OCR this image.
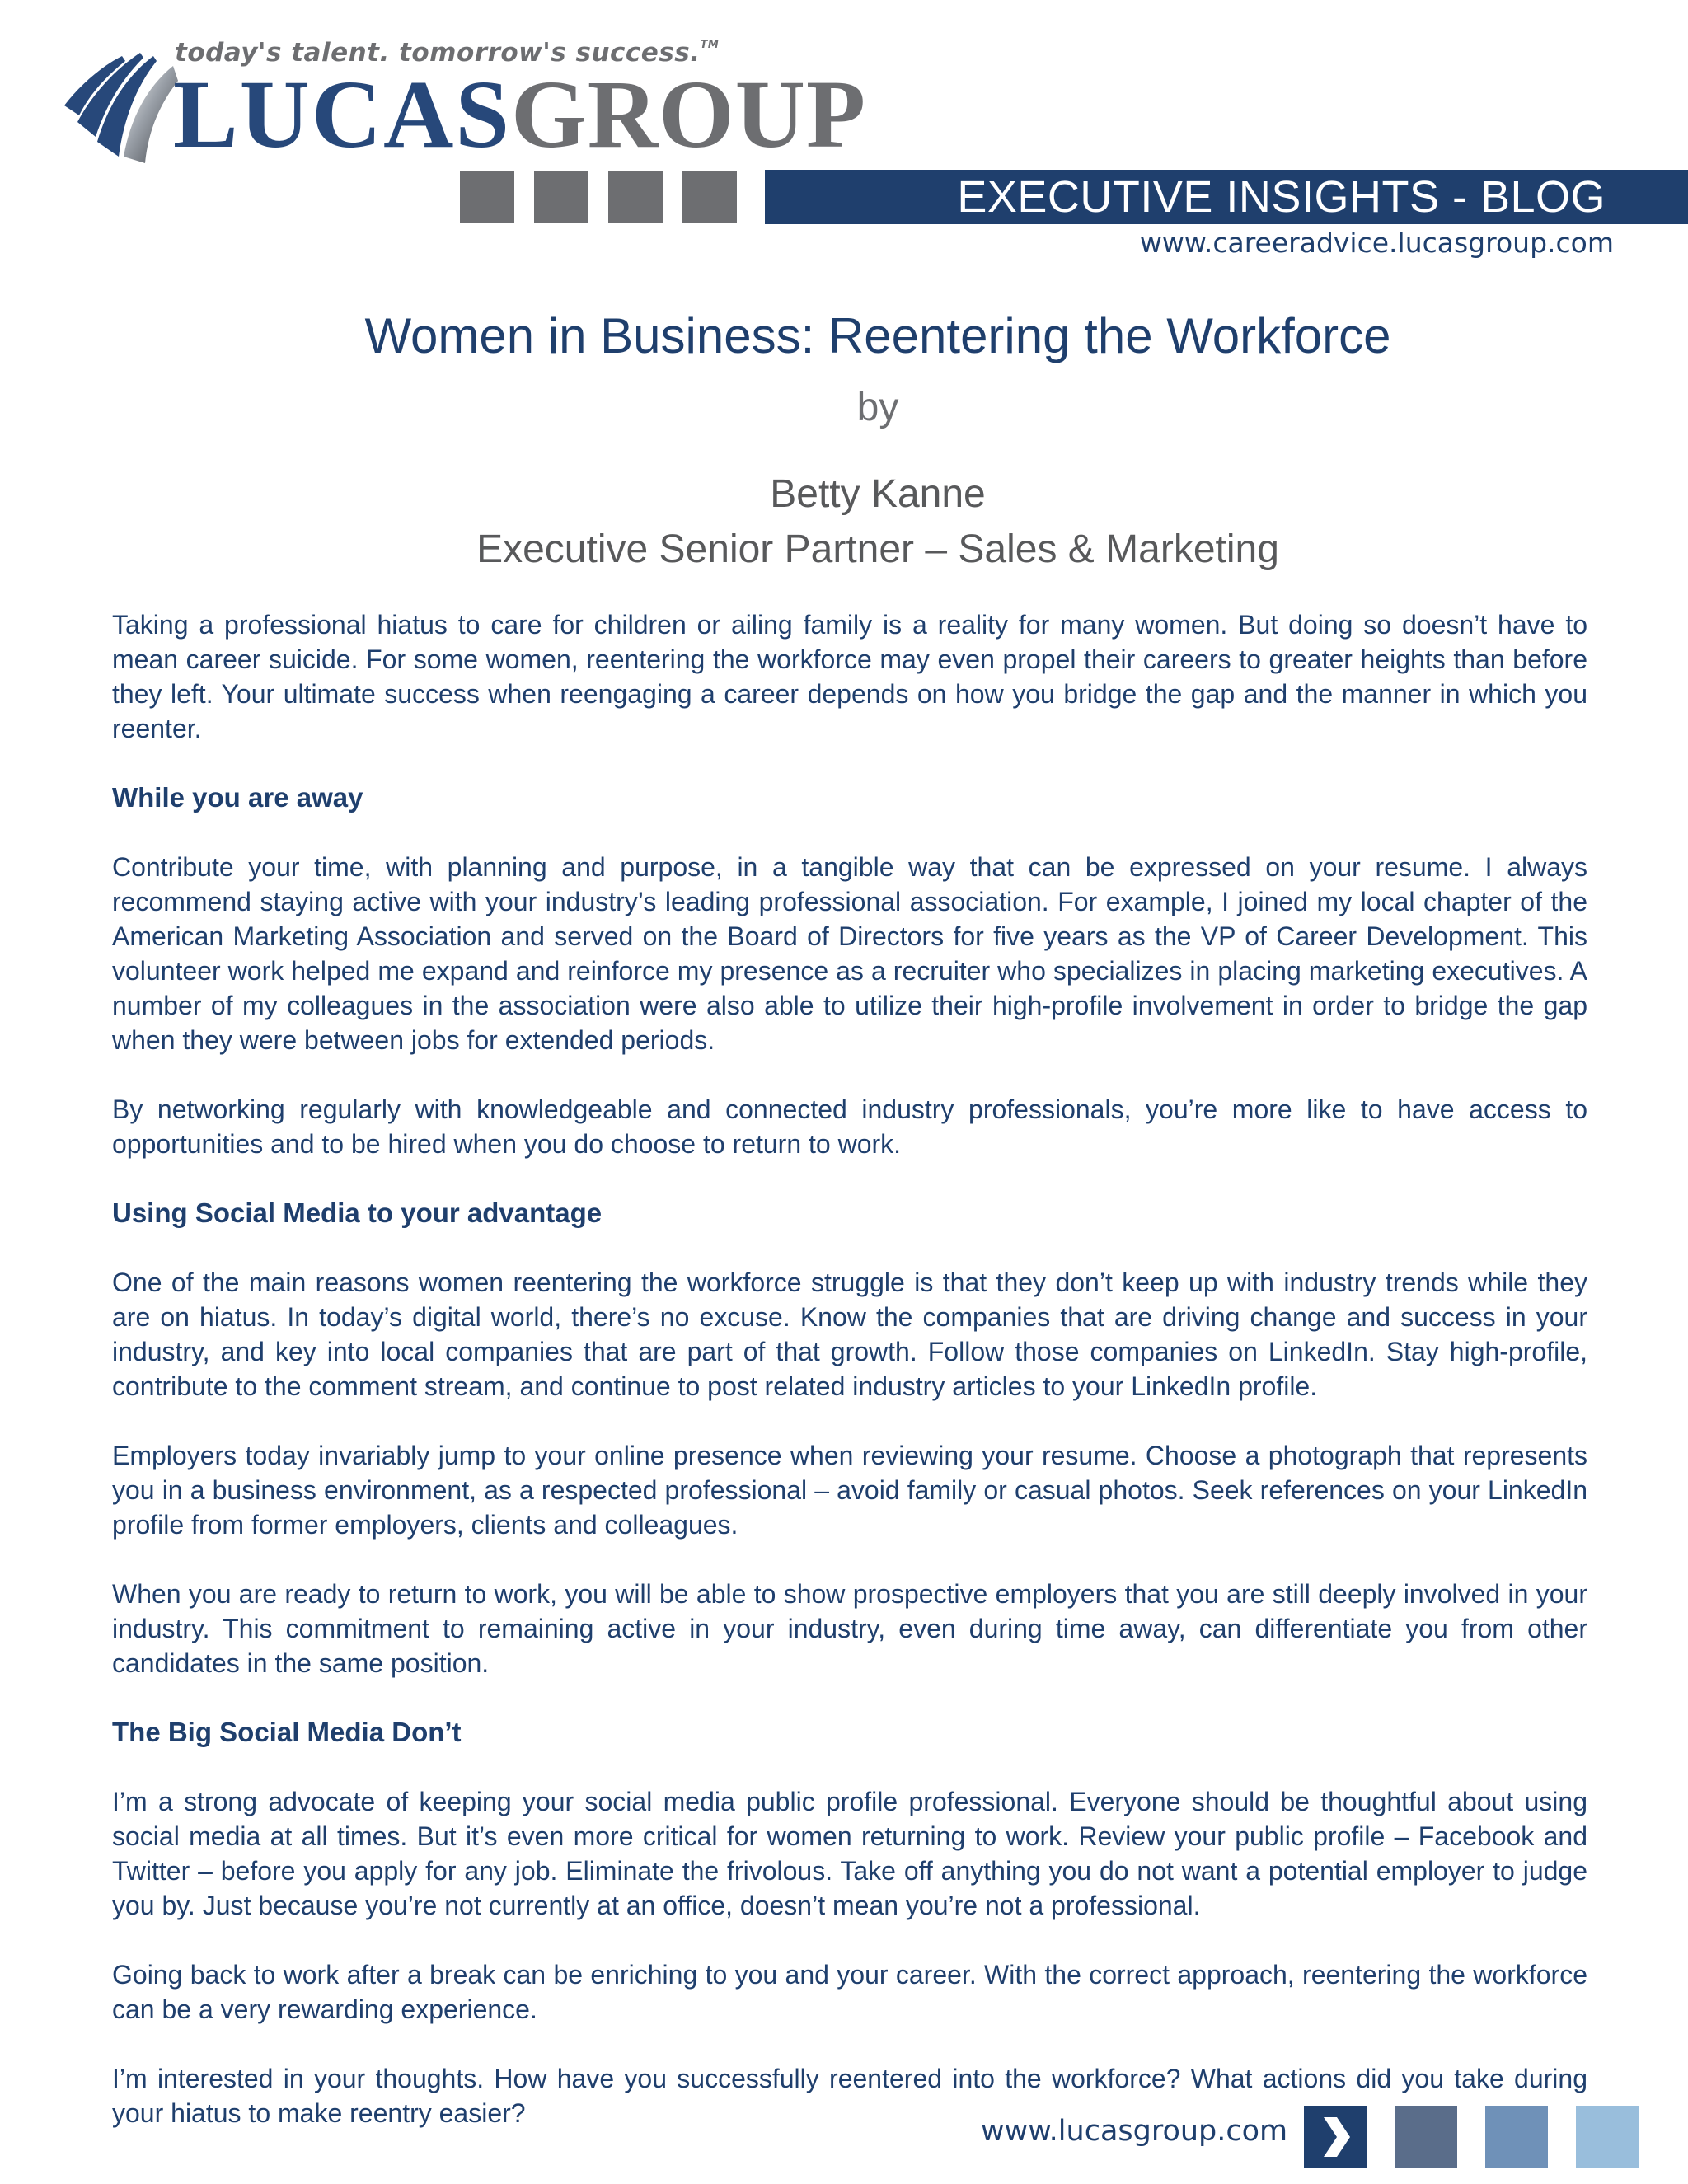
today's talent. tomorrow's success.™
LUCASGROUP
EXECUTIVE INSIGHTS - BLOG
www.careeradvice.lucasgroup.com
Women in Business: Reentering the Workforce
by
Betty Kanne
Executive Senior Partner – Sales & Marketing

Taking a professional hiatus to care for children or ailing family is a reality for many women. But doing so doesn’t have to mean career suicide. For some women, reentering the workforce may even propel their careers to greater heights than before they left. Your ultimate success when reengaging a career depends on how you bridge the gap and the manner in which you reenter.

While you are away

Contribute your time, with planning and purpose, in a tangible way that can be expressed on your resume. I always recommend staying active with your industry’s leading professional association. For example, I joined my local chapter of the American Marketing Association and served on the Board of Directors for five years as the VP of Career Development. This volunteer work helped me expand and reinforce my presence as a recruiter who specializes in placing marketing executives. A number of my colleagues in the association were also able to utilize their high-profile involvement in order to bridge the gap when they were between jobs for extended periods.

By networking regularly with knowledgeable and connected industry professionals, you’re more like to have access to opportunities and to be hired when you do choose to return to work.

Using Social Media to your advantage

One of the main reasons women reentering the workforce struggle is that they don’t keep up with industry trends while they are on hiatus. In today’s digital world, there’s no excuse. Know the companies that are driving change and success in your industry, and key into local companies that are part of that growth. Follow those companies on LinkedIn. Stay high-profile, contribute to the comment stream, and continue to post related industry articles to your LinkedIn profile.

Employers today invariably jump to your online presence when reviewing your resume. Choose a photograph that represents you in a business environment, as a respected professional – avoid family or casual photos. Seek references on your LinkedIn profile from former employers, clients and colleagues.

When you are ready to return to work, you will be able to show prospective employers that you are still deeply involved in your industry. This commitment to remaining active in your industry, even during time away, can differentiate you from other candidates in the same position.

The Big Social Media Don’t

I’m a strong advocate of keeping your social media public profile professional. Everyone should be thoughtful about using social media at all times. But it’s even more critical for women returning to work. Review your public profile – Facebook and Twitter – before you apply for any job. Eliminate the frivolous. Take off anything you do not want a potential employer to judge you by. Just because you’re not currently at an office, doesn’t mean you’re not a professional.

Going back to work after a break can be enriching to you and your career. With the correct approach, reentering the workforce can be a very rewarding experience.

I’m interested in your thoughts. How have you successfully reentered into the workforce? What actions did you take during your hiatus to make reentry easier?

www.lucasgroup.com
